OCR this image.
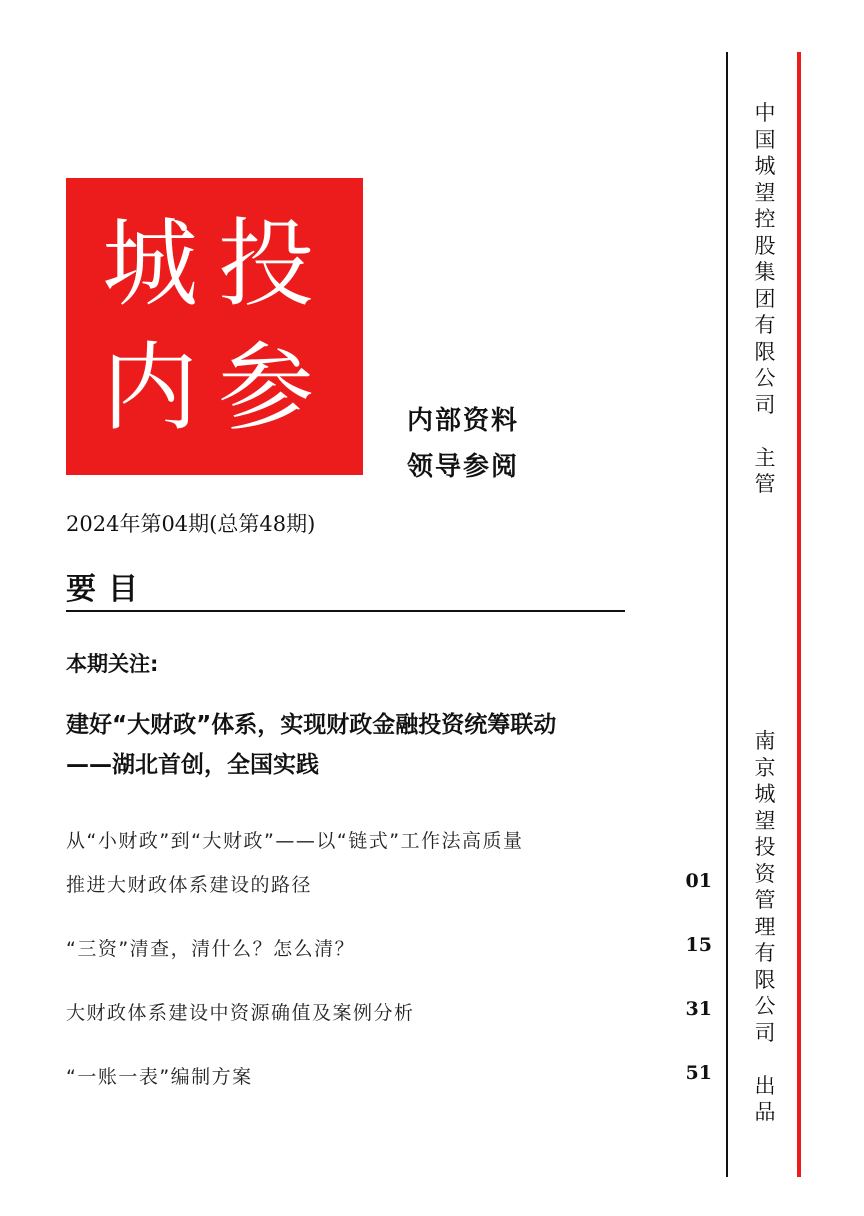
城 投
内 参	内部资料
领导参阅
2024年第04期(总第48期)
要目
本期关注:
建好“大财政”体系，实现财政金融投资统筹联动
——湖北首创，全国实践
从“小财政”到“大财政”——以“链式”工作法高质量
推进大财政体系建设的路径	01
“三资”清查，清什么？怎么清？	15
大财政体系建设中资源确值及案例分析	31
“一账一表”编制方案	51
中
国
城
望
控
股
集
团
有
限
公
司

主
管
南
京
城
望
投
资
管
理
有
限
公
司

出
品
